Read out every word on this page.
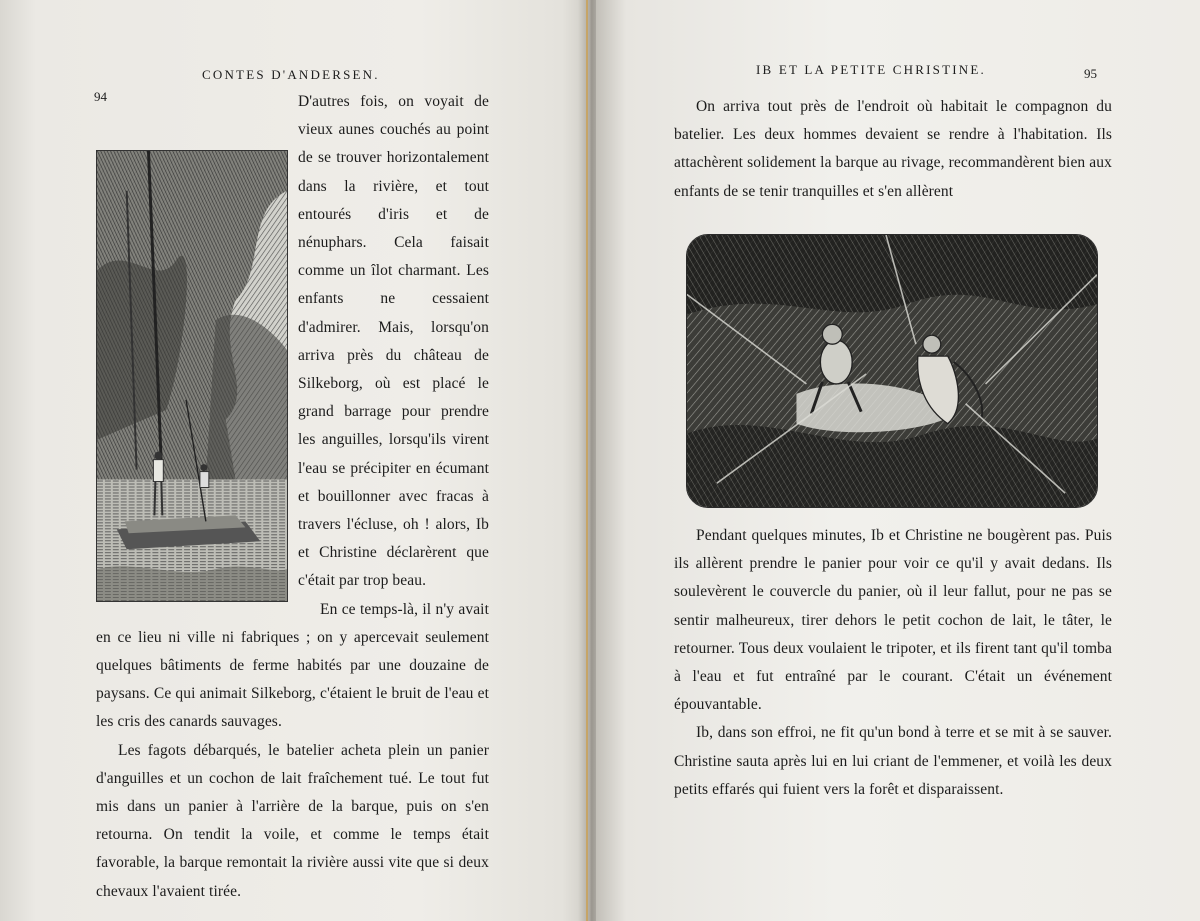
94
CONTES D'ANDERSEN.

D'autres fois, on voyait de vieux aunes couchés au point de se trouver horizontalement dans la rivière, et tout entourés d'iris et de nénuphars. Cela faisait comme un îlot charmant. Les enfants ne cessaient d'admirer. Mais, lorsqu'on arriva près du château de Silkeborg, où est placé le grand barrage pour prendre les anguilles, lorsqu'ils virent l'eau se précipiter en écumant et bouillonner avec fracas à travers l'écluse, oh ! alors, Ib et Christine déclarèrent que c'était par trop beau.

En ce temps-là, il n'y avait en ce lieu ni ville ni fabriques ; on y apercevait seulement quelques bâtiments de ferme habités par une douzaine de paysans. Ce qui animait Silkeborg, c'étaient le bruit de l'eau et les cris des canards sauvages.

Les fagots débarqués, le batelier acheta plein un panier d'anguilles et un cochon de lait fraîchement tué. Le tout fut mis dans un panier à l'arrière de la barque, puis on s'en retourna. On tendit la voile, et comme le temps était favorable, la barque remontait la rivière aussi vite que si deux chevaux l'avaient tirée.

IB ET LA PETITE CHRISTINE.	95

On arriva tout près de l'endroit où habitait le compagnon du batelier. Les deux hommes devaient se rendre à l'habitation. Ils attachèrent solidement la barque au rivage, recommandèrent bien aux enfants de se tenir tranquilles et s'en allèrent

Pendant quelques minutes, Ib et Christine ne bougèrent pas. Puis ils allèrent prendre le panier pour voir ce qu'il y avait dedans. Ils soulevèrent le couvercle du panier, où il leur fallut, pour ne pas se sentir malheureux, tirer dehors le petit cochon de lait, le tâter, le retourner. Tous deux voulaient le tripoter, et ils firent tant qu'il tomba à l'eau et fut entraîné par le courant. C'était un événement épouvantable.

Ib, dans son effroi, ne fit qu'un bond à terre et se mit à se sauver. Christine sauta après lui en lui criant de l'emmener, et voilà les deux petits effarés qui fuient vers la forêt et disparaissent.
